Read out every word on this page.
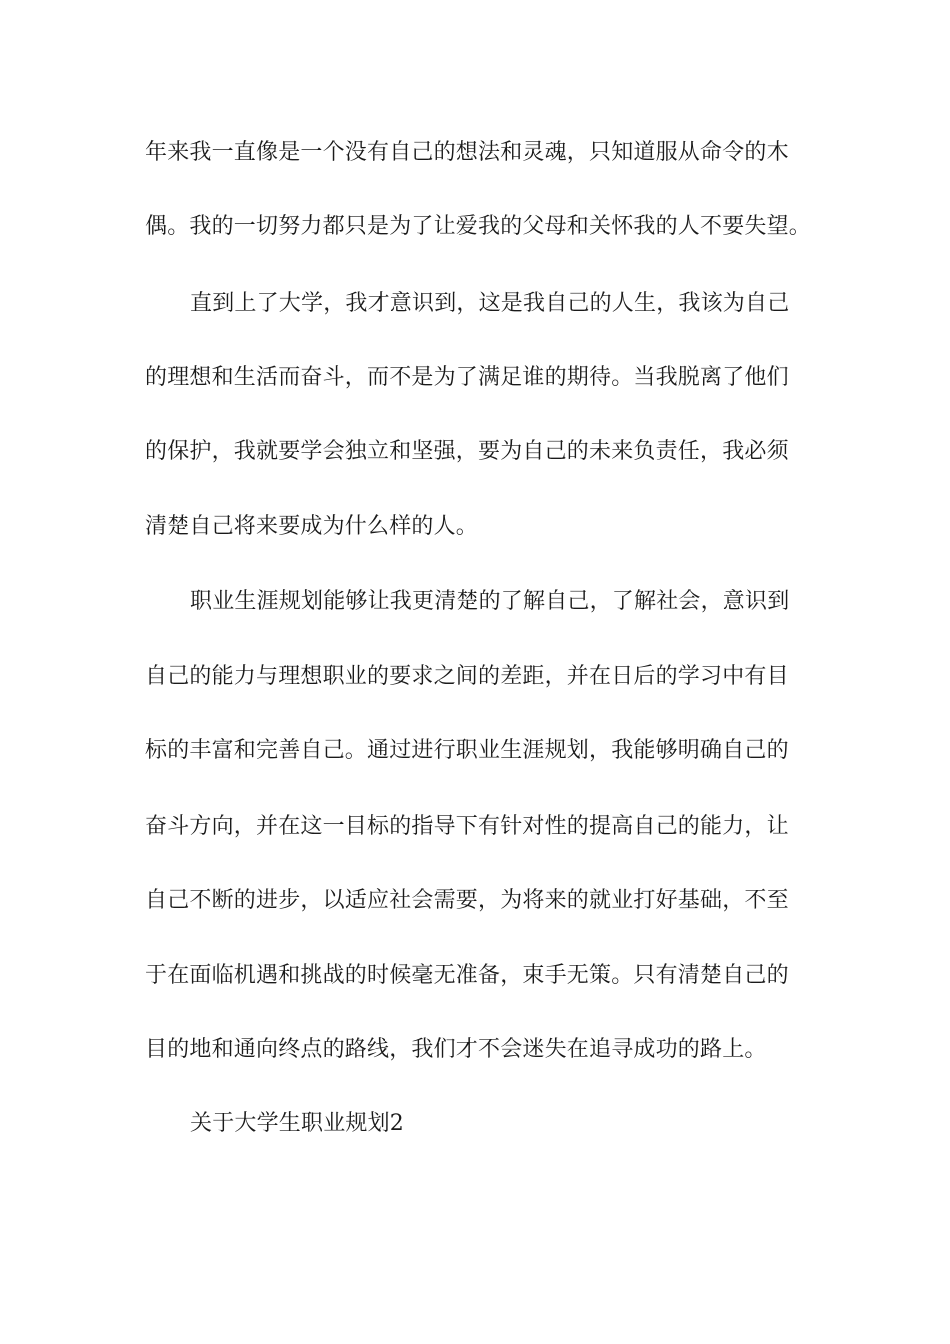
年来我一直像是一个没有自己的想法和灵魂，只知道服从命令的木
偶。我的一切努力都只是为了让爱我的父母和关怀我的人不要失望。
直到上了大学，我才意识到，这是我自己的人生，我该为自己
的理想和生活而奋斗，而不是为了满足谁的期待。当我脱离了他们
的保护，我就要学会独立和坚强，要为自己的未来负责任，我必须
清楚自己将来要成为什么样的人。
职业生涯规划能够让我更清楚的了解自己，了解社会，意识到
自己的能力与理想职业的要求之间的差距，并在日后的学习中有目
标的丰富和完善自己。通过进行职业生涯规划，我能够明确自己的
奋斗方向，并在这一目标的指导下有针对性的提高自己的能力，让
自己不断的进步，以适应社会需要，为将来的就业打好基础，不至
于在面临机遇和挑战的时候毫无准备，束手无策。只有清楚自己的
目的地和通向终点的路线，我们才不会迷失在追寻成功的路上。
关于大学生职业规划2
